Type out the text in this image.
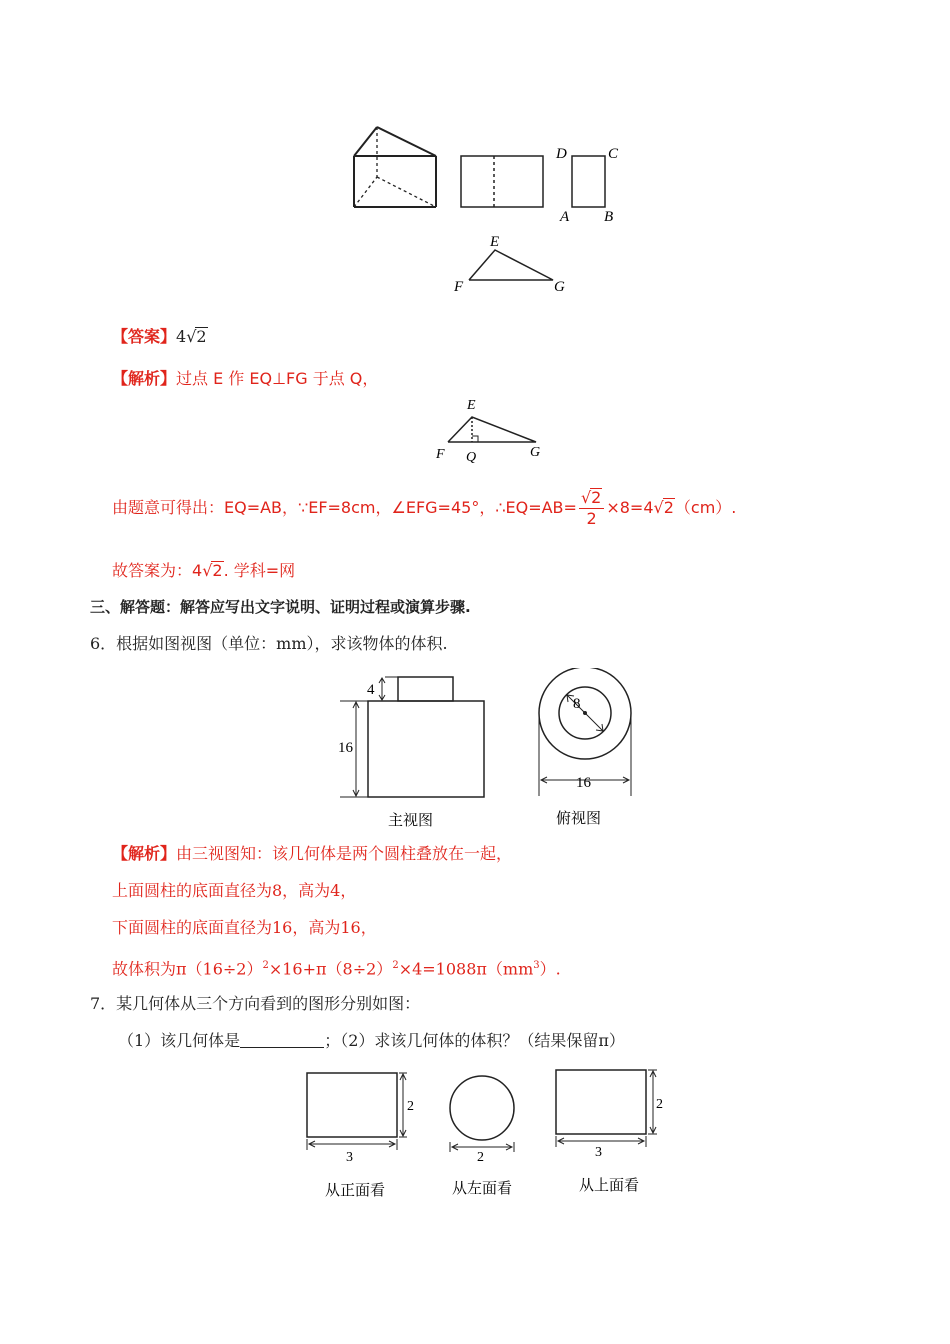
D	C
A B
E
F	G
【答案】4√2
【解析】过点 E 作 EQ⊥FG 于点 Q，
E
F Q	G
由题意可得出：EQ=AB，∵EF=8cm，∠EFG=45°，∴EQ=AB= $\frac{√2}{2} \times 8=4√2(cm)$.
故答案为：4√2. 学科=网
三、解答题：解答应写出文字说明、证明过程或演算步骤.
6．根据如图视图（单位：mm），求该物体的体积.
4
16
主视图
8
16
俯视图
【解析】由三视图知：该几何体是两个圆柱叠放在一起，
上面圆柱的底面直径为8，高为4，
下面圆柱的底面直径为16，高为16，
故体积为$\pi(16\div 2)^2\times 16+\pi(8\div 2)^2\times 4=1088\pi(mm^3)$.
7．某几何体从三个方向看到的图形分别如图：
（1）该几何体是	；（2）求该几何体的体积？（结果保留π）
2
3
从正面看
2
从左面看
2
3
从上面看
